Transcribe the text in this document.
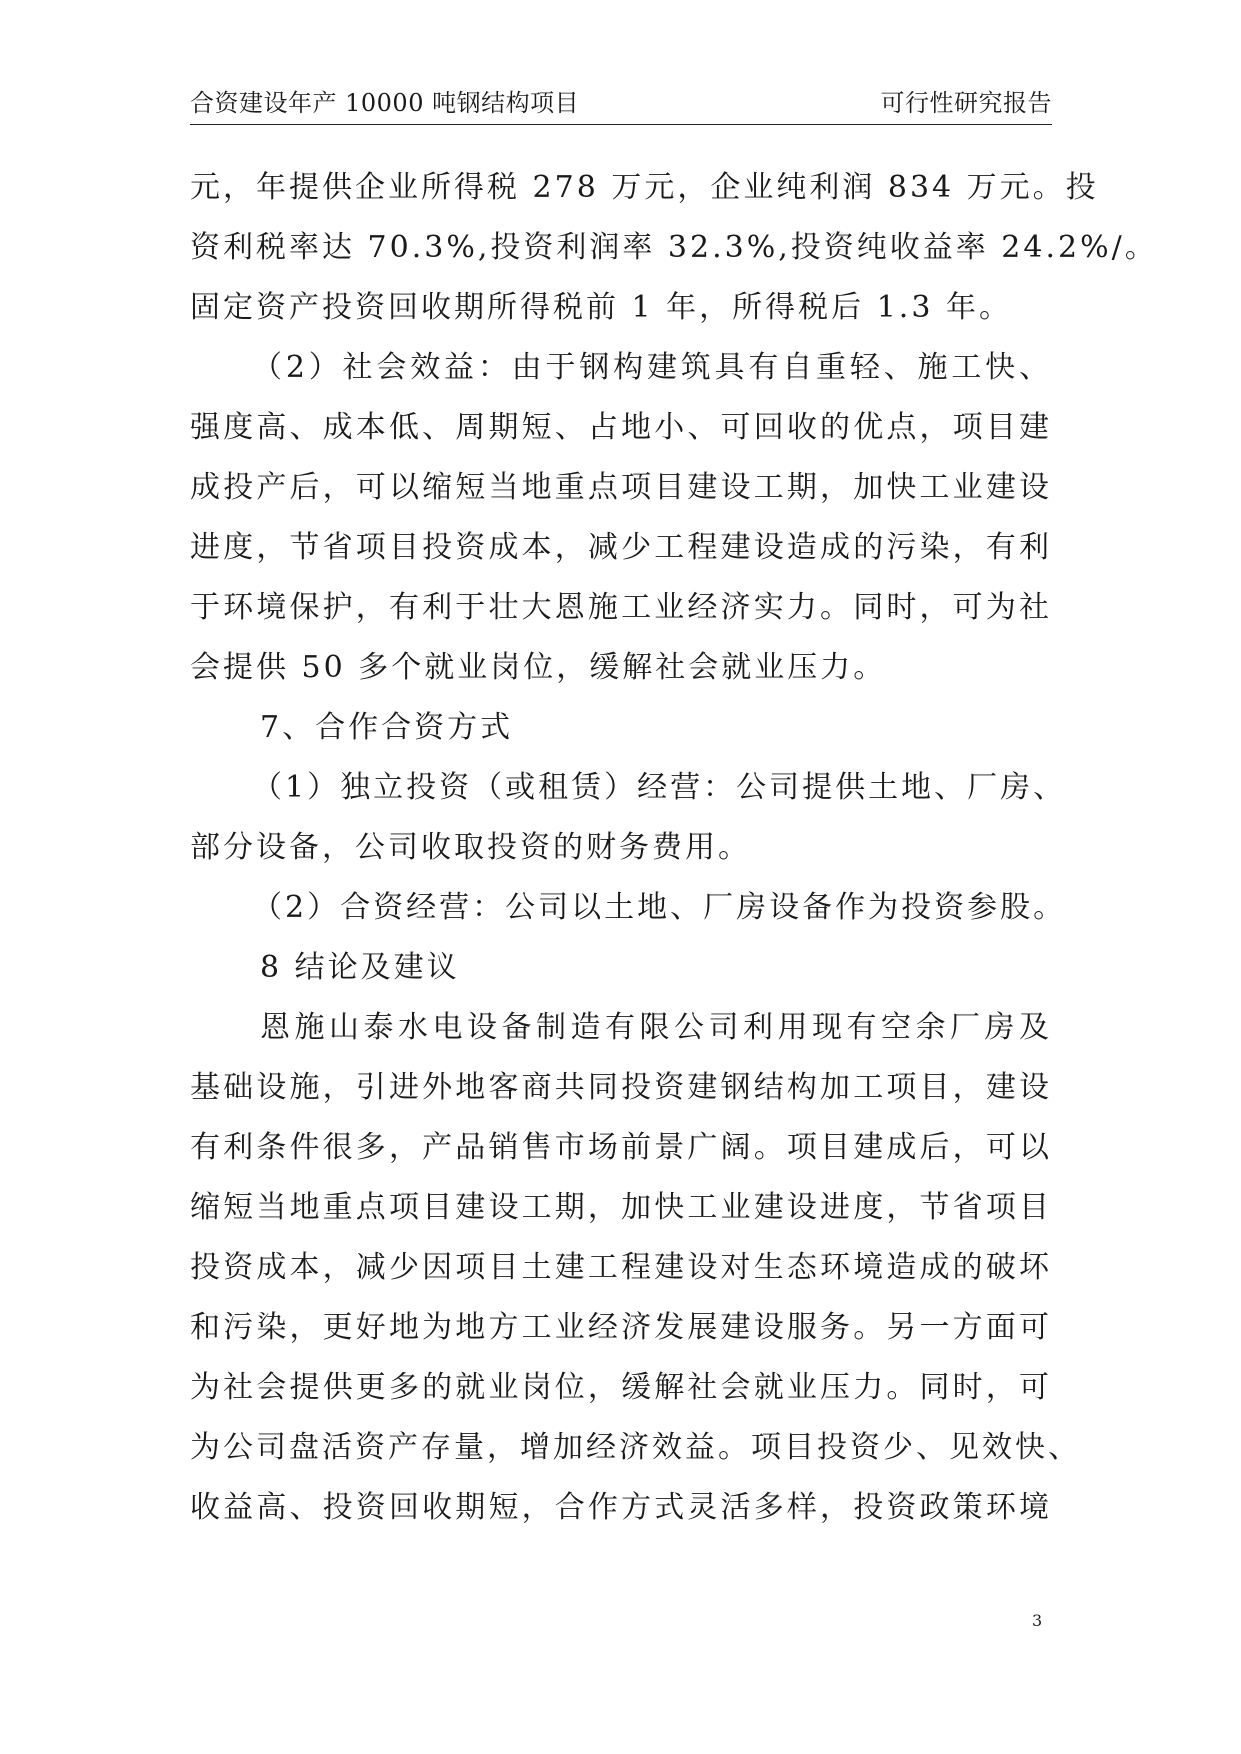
合资建设年产 10000 吨钢结构项目	可行性研究报告
元，年提供企业所得税 278 万元，企业纯利润 834 万元。投
资利税率达 70.3%,投资利润率 32.3%,投资纯收益率 24.2%/。
固定资产投资回收期所得税前 1 年，所得税后 1.3 年。
（2）社会效益：由于钢构建筑具有自重轻、施工快、
强度高、成本低、周期短、占地小、可回收的优点，项目建
成投产后，可以缩短当地重点项目建设工期，加快工业建设
进度，节省项目投资成本，减少工程建设造成的污染，有利
于环境保护，有利于壮大恩施工业经济实力。同时，可为社
会提供 50 多个就业岗位，缓解社会就业压力。
7、合作合资方式
（1）独立投资（或租赁）经营：公司提供土地、厂房、
部分设备，公司收取投资的财务费用。
（2）合资经营：公司以土地、厂房设备作为投资参股。
8 结论及建议
恩施山泰水电设备制造有限公司利用现有空余厂房及
基础设施，引进外地客商共同投资建钢结构加工项目，建设
有利条件很多，产品销售市场前景广阔。项目建成后，可以
缩短当地重点项目建设工期，加快工业建设进度，节省项目
投资成本，减少因项目土建工程建设对生态环境造成的破坏
和污染，更好地为地方工业经济发展建设服务。另一方面可
为社会提供更多的就业岗位，缓解社会就业压力。同时，可
为公司盘活资产存量，增加经济效益。项目投资少、见效快、
收益高、投资回收期短，合作方式灵活多样，投资政策环境
3
